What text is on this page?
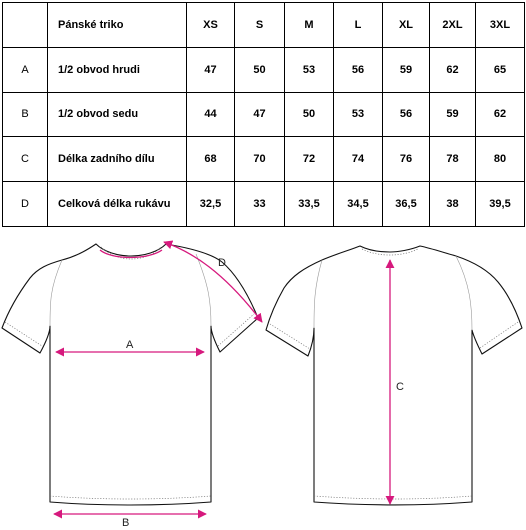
	Pánské triko	XS	S	M	L	XL	2XL	3XL
A	1/2 obvod hrudi	47	50	53	56	59	62	65
B	1/2 obvod sedu	44	47	50	53	56	59	62
C	Délka zadního dílu	68	70	72	74	76	78	80
D	Celková délka rukávu	32,5	33	33,5	34,5	36,5	38	39,5
A
B
C
D
